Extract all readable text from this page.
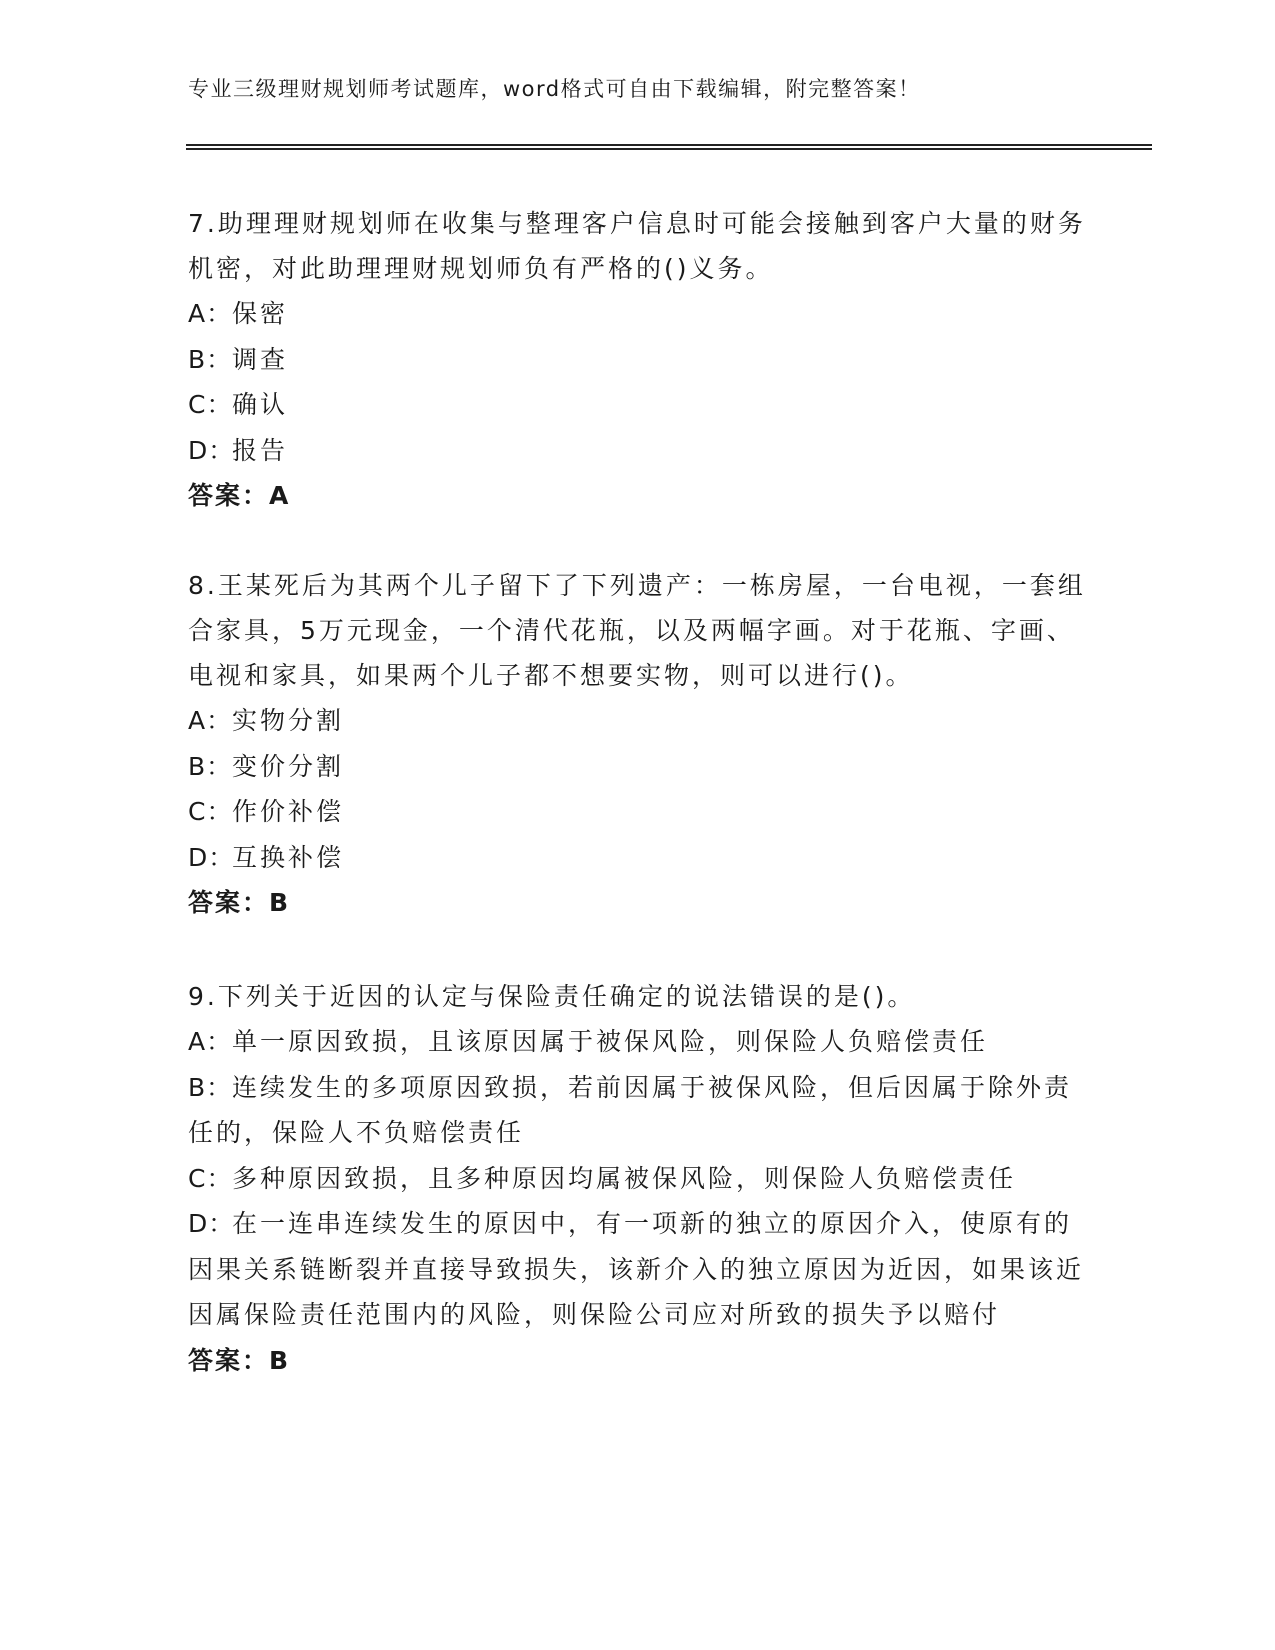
专业三级理财规划师考试题库，word格式可自由下载编辑，附完整答案！

7.助理理财规划师在收集与整理客户信息时可能会接触到客户大量的财务机密，对此助理理财规划师负有严格的()义务。

A：保密

B：调查

C：确认

D：报告

答案：A

8.王某死后为其两个儿子留下了下列遗产：一栋房屋，一台电视，一套组合家具，5万元现金，一个清代花瓶，以及两幅字画。对于花瓶、字画、电视和家具，如果两个儿子都不想要实物，则可以进行()。

A：实物分割

B：变价分割

C：作价补偿

D：互换补偿

答案：B

9.下列关于近因的认定与保险责任确定的说法错误的是()。

A：单一原因致损，且该原因属于被保风险，则保险人负赔偿责任

B：连续发生的多项原因致损，若前因属于被保风险，但后因属于除外责任的，保险人不负赔偿责任

C：多种原因致损，且多种原因均属被保风险，则保险人负赔偿责任

D：在一连串连续发生的原因中，有一项新的独立的原因介入，使原有的因果关系链断裂并直接导致损失，该新介入的独立原因为近因，如果该近因属保险责任范围内的风险，则保险公司应对所致的损失予以赔付

答案：B
